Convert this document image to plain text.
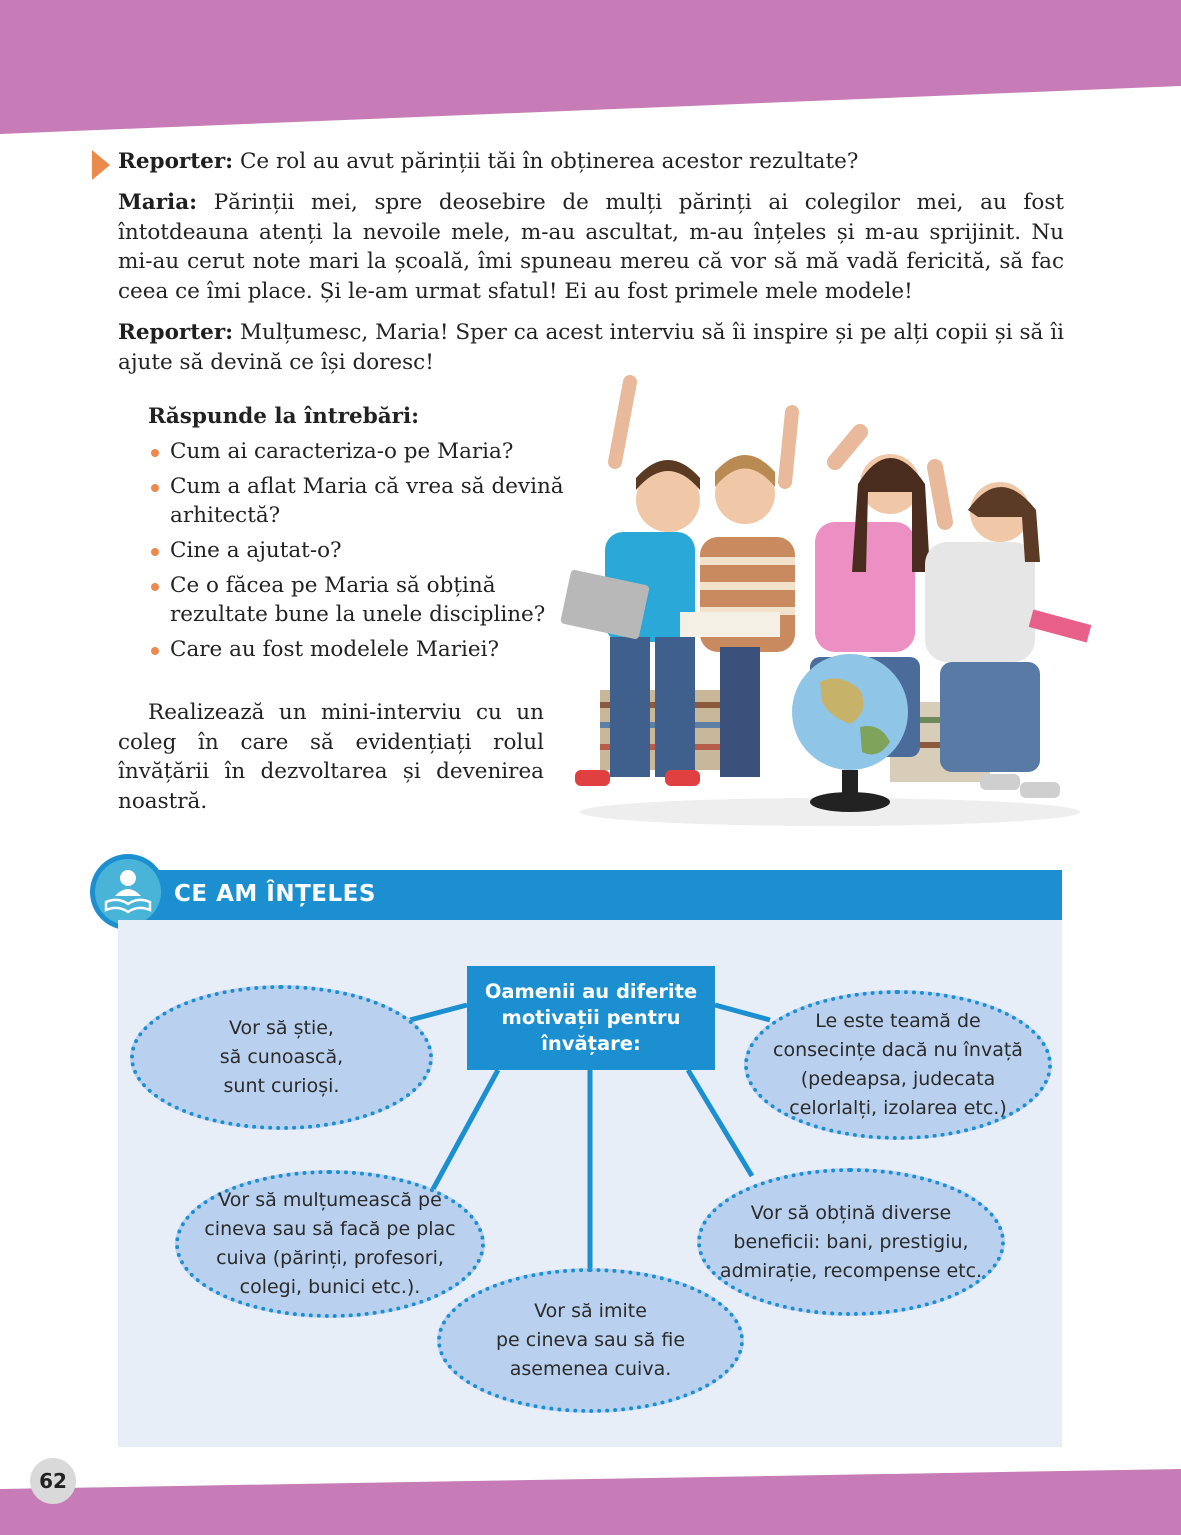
Reporter: Ce rol au avut părinții tăi în obținerea acestor rezultate?
Maria: Părinții mei, spre deosebire de mulți părinți ai colegilor mei, au fost întotdeauna atenți la nevoile mele, m-au ascultat, m-au înțeles și m-au sprijinit. Nu mi-au cerut note mari la școală, îmi spuneau mereu că vor să mă vadă fericită, să fac ceea ce îmi place. Și le-am urmat sfatul! Ei au fost primele mele modele!
Reporter: Mulțumesc, Maria! Sper ca acest interviu să îi inspire și pe alți copii și să îi ajute să devină ce își doresc!
Răspunde la întrebări:
Cum ai caracteriza-o pe Maria?
Cum a aflat Maria că vrea să devină arhitectă?
Cine a ajutat-o?
Ce o făcea pe Maria să obțină rezultate bune la unele discipline?
Care au fost modelele Mariei?
Realizează un mini-interviu cu un coleg în care să evidențiați rolul învățării în dezvoltarea și devenirea noastră.
CE AM ÎNȚELES
Oamenii au diferite motivații pentru învățare:
Vor să știe,
să cunoască,
sunt curioși.
Le este teamă de consecințe dacă nu învață (pedeapsa, judecata celorlalți, izolarea etc.)
Vor să mulțumească pe cineva sau să facă pe plac cuiva (părinți, profesori, colegi, bunici etc.).
Vor să obțină diverse beneficii: bani, prestigiu, admirație, recompense etc.
Vor să imite
pe cineva sau să fie
asemenea cuiva.
62
